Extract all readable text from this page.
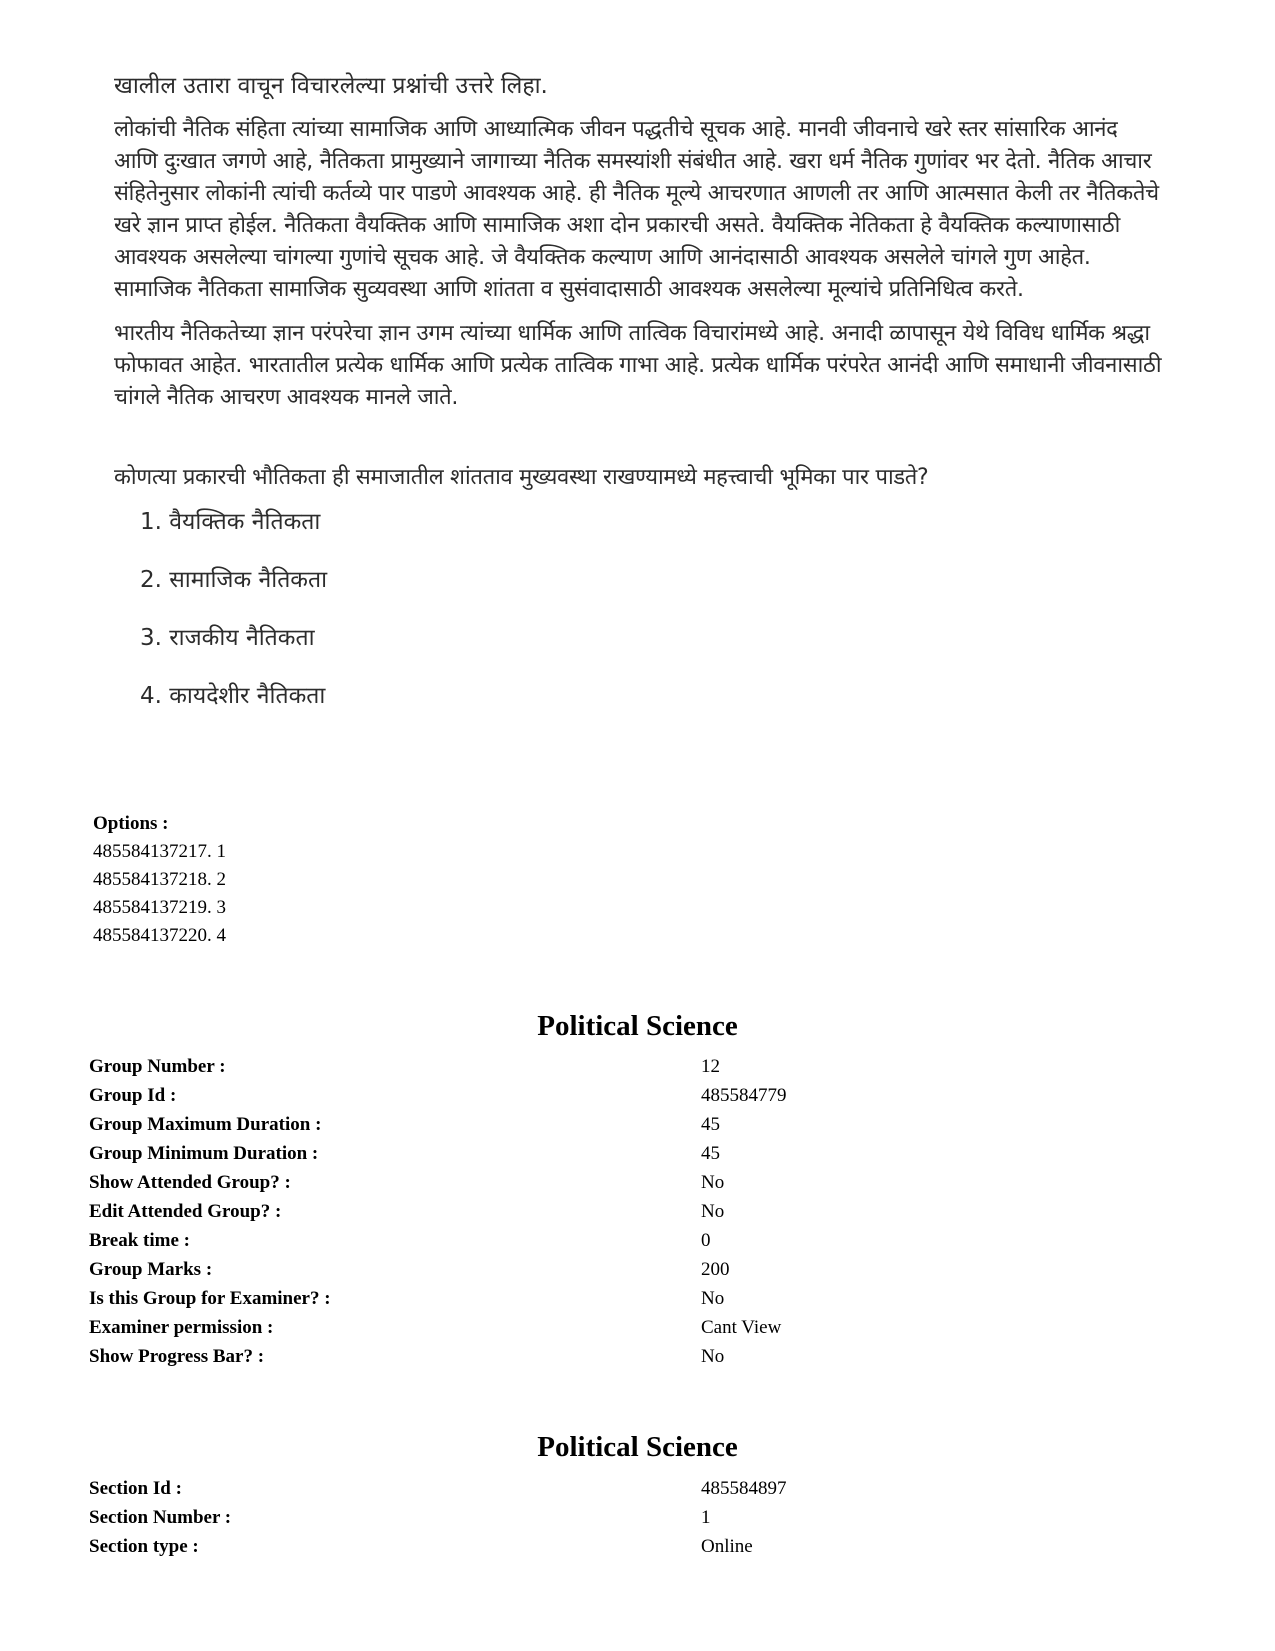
खालील उतारा वाचून विचारलेल्या प्रश्नांची उत्तरे लिहा.
लोकांची नैतिक संहिता त्यांच्या सामाजिक आणि आध्यात्मिक जीवन पद्धतीचे सूचक आहे. मानवी जीवनाचे खरे स्तर सांसारिक आनंद आणि दुःखात जगणे आहे, नैतिकता प्रामुख्याने जागाच्या नैतिक समस्यांशी संबंधीत आहे. खरा धर्म नैतिक गुणांवर भर देतो. नैतिक आचार संहितेनुसार लोकांनी त्यांची कर्तव्ये पार पाडणे आवश्यक आहे. ही नैतिक मूल्ये आचरणात आणली तर आणि आत्मसात केली तर नैतिकतेचे खरे ज्ञान प्राप्त होईल. नैतिकता वैयक्तिक आणि सामाजिक अशा दोन प्रकारची असते. वैयक्तिक नेतिकता हे वैयक्तिक कल्याणासाठी आवश्यक असलेल्या चांगल्या गुणांचे सूचक आहे. जे वैयक्तिक कल्याण आणि आनंदासाठी आवश्यक असलेले चांगले गुण आहेत. सामाजिक नैतिकता सामाजिक सुव्यवस्था आणि शांतता व सुसंवादासाठी आवश्यक असलेल्या मूल्यांचे प्रतिनिधित्व करते.
भारतीय नैतिकतेच्या ज्ञान परंपरेचा ज्ञान उगम त्यांच्या धार्मिक आणि तात्विक विचारांमध्ये आहे. अनादी ळापासून येथे विविध धार्मिक श्रद्धा फोफावत आहेत. भारतातील प्रत्येक धार्मिक आणि प्रत्येक तात्विक गाभा आहे. प्रत्येक धार्मिक परंपरेत आनंदी आणि समाधानी जीवनासाठी चांगले नैतिक आचरण आवश्यक मानले जाते.
कोणत्या प्रकारची भौतिकता ही समाजातील शांतताव मुख्यवस्था राखण्यामध्ये महत्त्वाची भूमिका पार पाडते?
1. वैयक्तिक नैतिकता
2. सामाजिक नैतिकता
3. राजकीय नैतिकता
4. कायदेशीर नैतिकता
Options :
485584137217. 1
485584137218. 2
485584137219. 3
485584137220. 4
Political Science
Group Number :	12
Group Id :	485584779
Group Maximum Duration :	45
Group Minimum Duration :	45
Show Attended Group? :	No
Edit Attended Group? :	No
Break time :	0
Group Marks :	200
Is this Group for Examiner? :	No
Examiner permission :	Cant View
Show Progress Bar? :	No
Political Science
Section Id :	485584897
Section Number :	1
Section type :	Online
